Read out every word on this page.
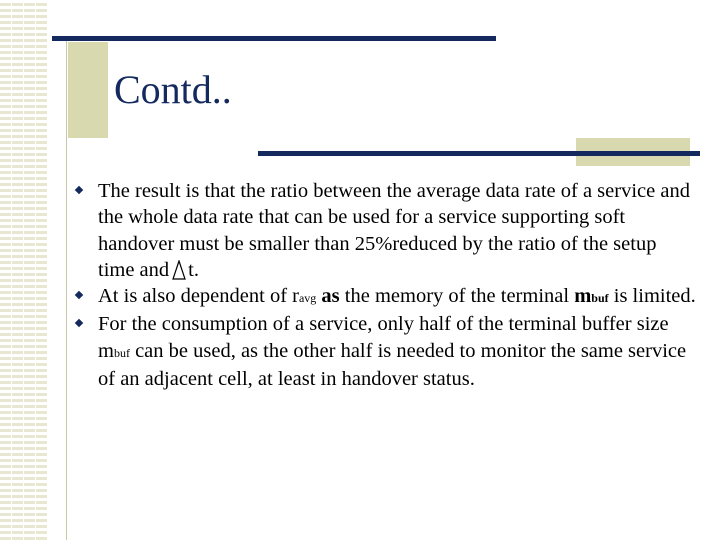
Contd..
The result is that the ratio between the average data rate of a service and the whole data rate that can be used for a service supporting soft handover must be smaller than 25%reduced by the ratio of the setup time and t.
At is also dependent of ravg as the memory of the terminal mbuf is limited.
For the consumption of a service, only half of the terminal buffer size mbuf can be used, as the other half is needed to monitor the same service of an adjacent cell, at least in handover status.
